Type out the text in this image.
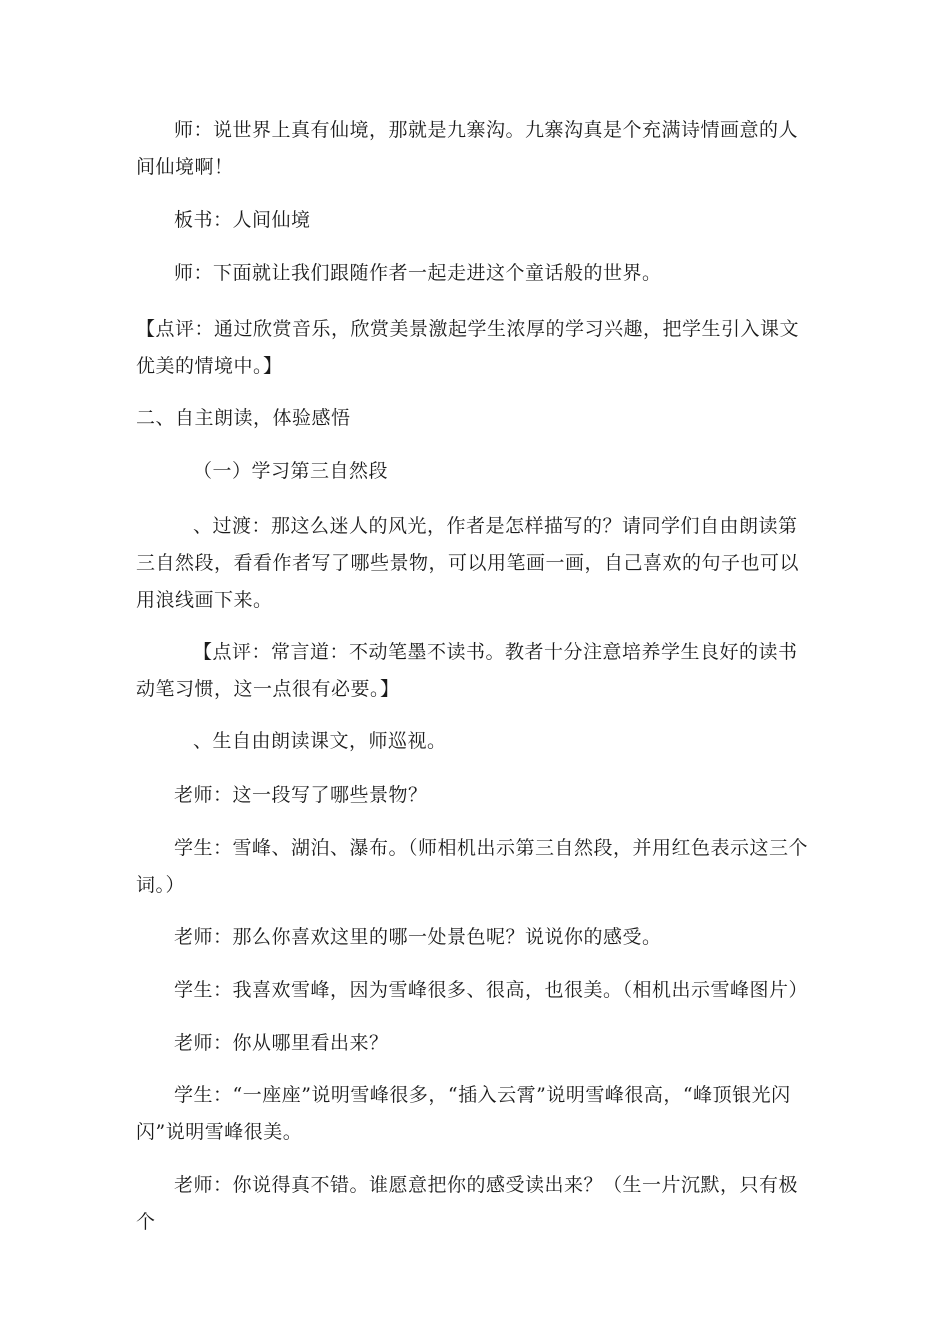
师：说世界上真有仙境，那就是九寨沟。九寨沟真是个充满诗情画意的人间仙境啊！

板书：人间仙境

师：下面就让我们跟随作者一起走进这个童话般的世界。

【点评：通过欣赏音乐，欣赏美景激起学生浓厚的学习兴趣，把学生引入课文优美的情境中。】

二、自主朗读，体验感悟

（一）学习第三自然段

、过渡：那这么迷人的风光，作者是怎样描写的？请同学们自由朗读第三自然段，看看作者写了哪些景物，可以用笔画一画，自己喜欢的句子也可以用浪线画下来。

【点评：常言道：不动笔墨不读书。教者十分注意培养学生良好的读书动笔习惯，这一点很有必要。】

、生自由朗读课文，师巡视。

老师：这一段写了哪些景物？

学生：雪峰、湖泊、瀑布。（师相机出示第三自然段，并用红色表示这三个词。）

老师：那么你喜欢这里的哪一处景色呢？说说你的感受。

学生：我喜欢雪峰，因为雪峰很多、很高，也很美。（相机出示雪峰图片）

老师：你从哪里看出来？

学生：“一座座”说明雪峰很多，“插入云霄”说明雪峰很高，“峰顶银光闪闪”说明雪峰很美。

老师：你说得真不错。谁愿意把你的感受读出来？（生一片沉默，只有极个
